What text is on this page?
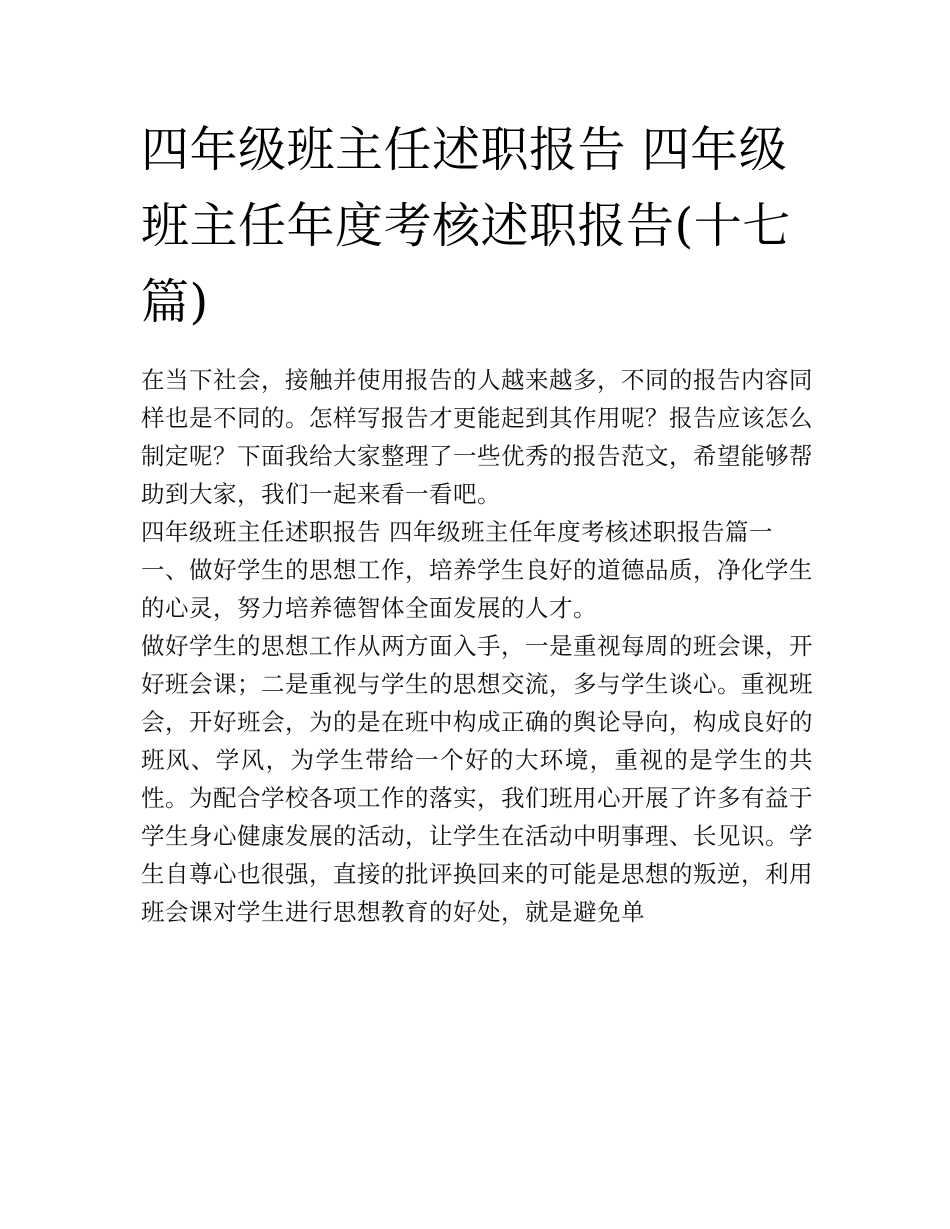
四年级班主任述职报告 四年级班主任年度考核述职报告(十七篇)

在当下社会，接触并使用报告的人越来越多，不同的报告内容同样也是不同的。怎样写报告才更能起到其作用呢？报告应该怎么制定呢？下面我给大家整理了一些优秀的报告范文，希望能够帮助到大家，我们一起来看一看吧。

四年级班主任述职报告 四年级班主任年度考核述职报告篇一

一、做好学生的思想工作，培养学生良好的道德品质，净化学生的心灵，努力培养德智体全面发展的人才。

做好学生的思想工作从两方面入手，一是重视每周的班会课，开好班会课；二是重视与学生的思想交流，多与学生谈心。重视班会，开好班会，为的是在班中构成正确的舆论导向，构成良好的班风、学风，为学生带给一个好的大环境，重视的是学生的共性。为配合学校各项工作的落实，我们班用心开展了许多有益于学生身心健康发展的活动，让学生在活动中明事理、长见识。学生自尊心也很强，直接的批评换回来的可能是思想的叛逆，利用班会课对学生进行思想教育的好处，就是避免单
